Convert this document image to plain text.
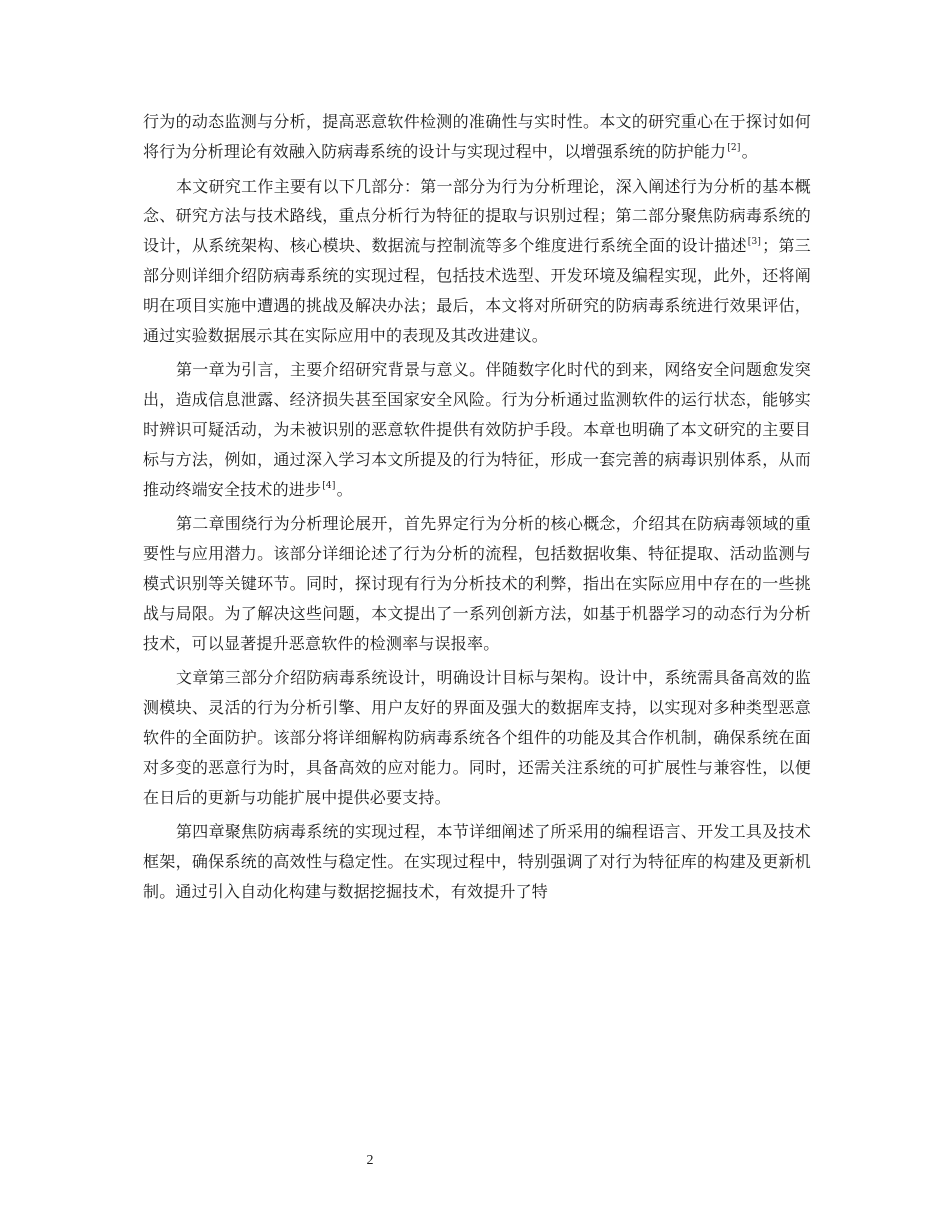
行为的动态监测与分析，提高恶意软件检测的准确性与实时性。本文的研究重心在于探讨如何将行为分析理论有效融入防病毒系统的设计与实现过程中，以增强系统的防护能力[2]。

本文研究工作主要有以下几部分：第一部分为行为分析理论，深入阐述行为分析的基本概念、研究方法与技术路线，重点分析行为特征的提取与识别过程；第二部分聚焦防病毒系统的设计，从系统架构、核心模块、数据流与控制流等多个维度进行系统全面的设计描述[3]；第三部分则详细介绍防病毒系统的实现过程，包括技术选型、开发环境及编程实现，此外，还将阐明在项目实施中遭遇的挑战及解决办法；最后，本文将对所研究的防病毒系统进行效果评估，通过实验数据展示其在实际应用中的表现及其改进建议。

第一章为引言，主要介绍研究背景与意义。伴随数字化时代的到来，网络安全问题愈发突出，造成信息泄露、经济损失甚至国家安全风险。行为分析通过监测软件的运行状态，能够实时辨识可疑活动，为未被识别的恶意软件提供有效防护手段。本章也明确了本文研究的主要目标与方法，例如，通过深入学习本文所提及的行为特征，形成一套完善的病毒识别体系，从而推动终端安全技术的进步[4]。

第二章围绕行为分析理论展开，首先界定行为分析的核心概念，介绍其在防病毒领域的重要性与应用潜力。该部分详细论述了行为分析的流程，包括数据收集、特征提取、活动监测与模式识别等关键环节。同时，探讨现有行为分析技术的利弊，指出在实际应用中存在的一些挑战与局限。为了解决这些问题，本文提出了一系列创新方法，如基于机器学习的动态行为分析技术，可以显著提升恶意软件的检测率与误报率。

文章第三部分介绍防病毒系统设计，明确设计目标与架构。设计中，系统需具备高效的监测模块、灵活的行为分析引擎、用户友好的界面及强大的数据库支持，以实现对多种类型恶意软件的全面防护。该部分将详细解构防病毒系统各个组件的功能及其合作机制，确保系统在面对多变的恶意行为时，具备高效的应对能力。同时，还需关注系统的可扩展性与兼容性，以便在日后的更新与功能扩展中提供必要支持。

第四章聚焦防病毒系统的实现过程，本节详细阐述了所采用的编程语言、开发工具及技术框架，确保系统的高效性与稳定性。在实现过程中，特别强调了对行为特征库的构建及更新机制。通过引入自动化构建与数据挖掘技术，有效提升了特

2
